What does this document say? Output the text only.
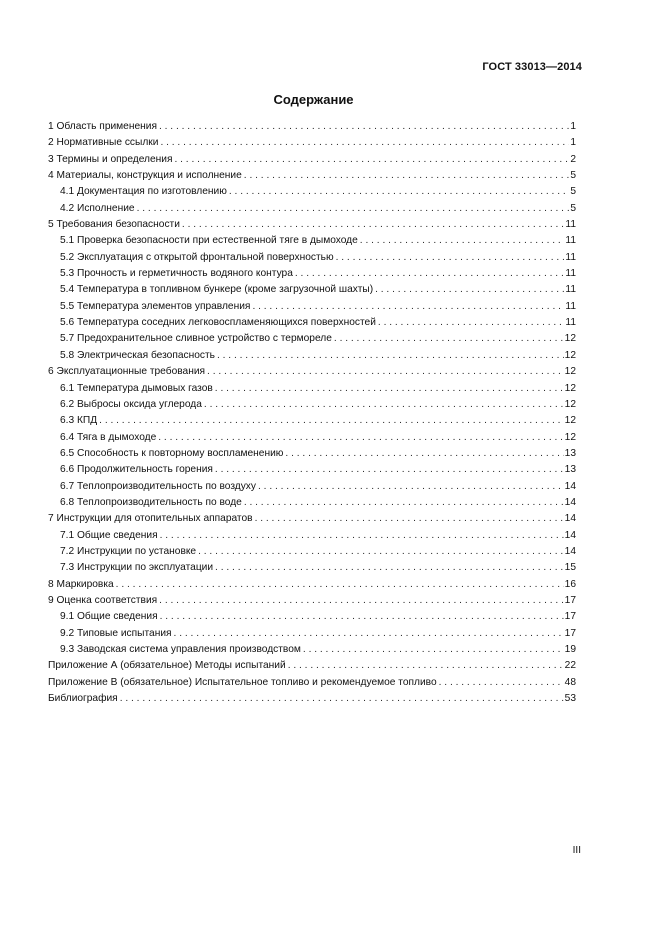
ГОСТ 33013—2014
Содержание
1 Область применения . . .	1
2 Нормативные ссылки . . .	1
3 Термины и определения . . .	2
4 Материалы, конструкция и исполнение . . .	5
4.1 Документация по изготовлению . . .	5
4.2 Исполнение . . .	5
5 Требования безопасности . . .	11
5.1 Проверка безопасности при естественной тяге в дымоходе . . .	11
5.2 Эксплуатация с открытой фронтальной поверхностью . . .	11
5.3 Прочность и герметичность водяного контура . . .	11
5.4 Температура в топливном бункере (кроме загрузочной шахты) . . .	11
5.5 Температура элементов управления . . .	11
5.6 Температура соседних легковоспламеняющихся поверхностей . . .	11
5.7 Предохранительное сливное устройство с термореле . . .	12
5.8 Электрическая безопасность . . .	12
6 Эксплуатационные требования . . .	12
6.1 Температура дымовых газов . . .	12
6.2 Выбросы оксида углерода . . .	12
6.3 КПД . . .	12
6.4 Тяга в дымоходе . . .	12
6.5 Способность к повторному воспламенению . . .	13
6.6 Продолжительность горения . . .	13
6.7 Теплопроизводительность по воздуху . . .	14
6.8 Теплопроизводительность по воде . . .	14
7 Инструкции для отопительных аппаратов . . .	14
7.1 Общие сведения . . .	14
7.2 Инструкции по установке . . .	14
7.3 Инструкции по эксплуатации . . .	15
8 Маркировка . . .	16
9 Оценка соответствия . . .	17
9.1 Общие сведения . . .	17
9.2 Типовые испытания . . .	17
9.3 Заводская система управления производством . . .	19
Приложение А (обязательное) Методы испытаний . . .	22
Приложение В (обязательное) Испытательное топливо и рекомендуемое топливо . . .	48
Библиография . . .	53
III
